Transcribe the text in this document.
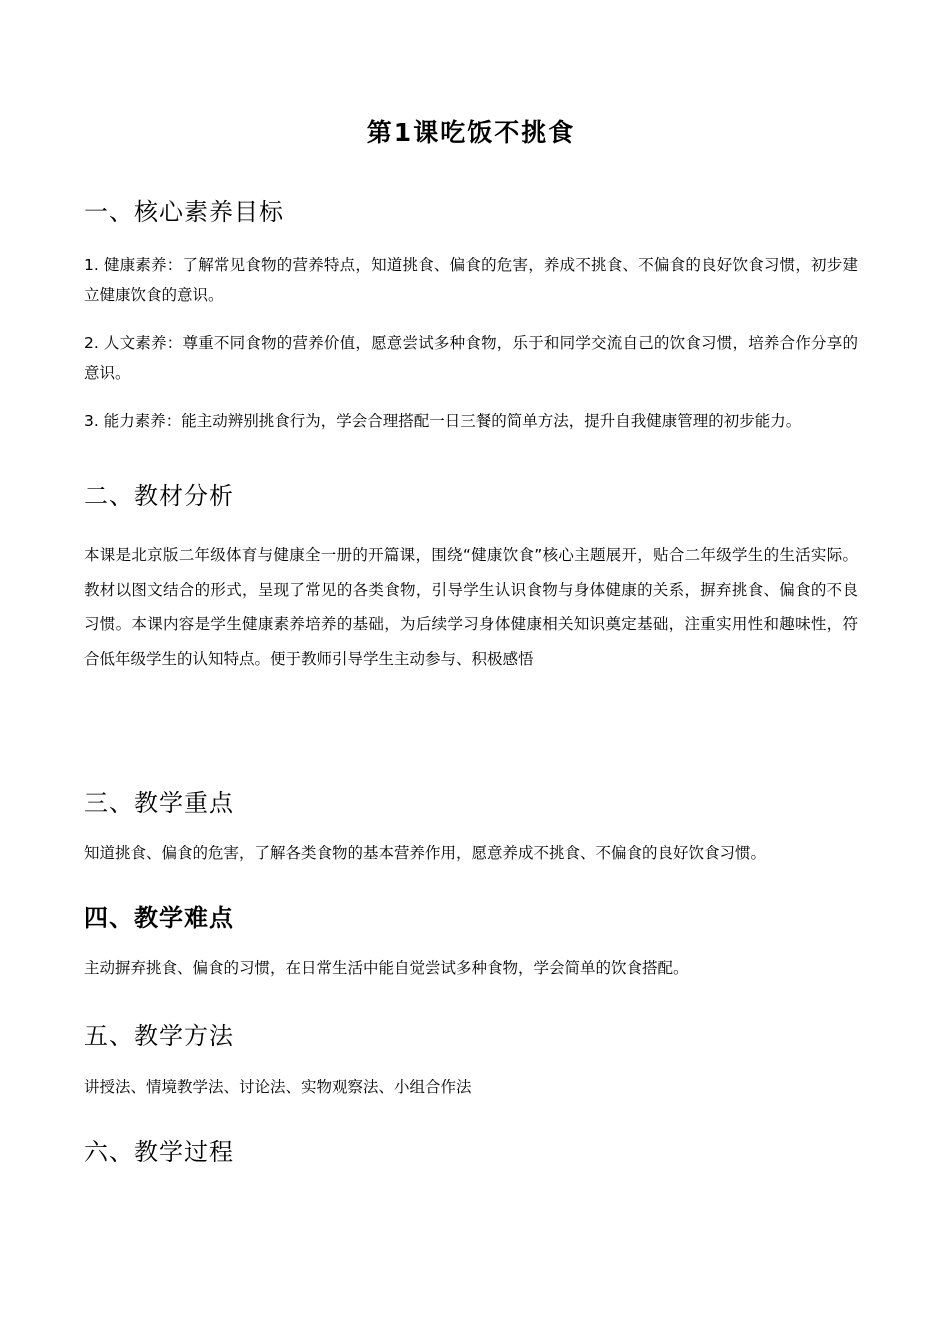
第1课吃饭不挑食
一、核心素养目标

1. 健康素养：了解常见食物的营养特点，知道挑食、偏食的危害，养成不挑食、不偏食的良好饮食习惯，初步建立健康饮食的意识。

2. 人文素养：尊重不同食物的营养价值，愿意尝试多种食物，乐于和同学交流自己的饮食习惯，培养合作分享的意识。

3. 能力素养：能主动辨别挑食行为，学会合理搭配一日三餐的简单方法，提升自我健康管理的初步能力。

二、教材分析

本课是北京版二年级体育与健康全一册的开篇课，围绕“健康饮食”核心主题展开，贴合二年级学生的生活实际。教材以图文结合的形式，呈现了常见的各类食物，引导学生认识食物与身体健康的关系，摒弃挑食、偏食的不良习惯。本课内容是学生健康素养培养的基础，为后续学习身体健康相关知识奠定基础，注重实用性和趣味性，符合低年级学生的认知特点。便于教师引导学生主动参与、积极感悟

三、教学重点

知道挑食、偏食的危害，了解各类食物的基本营养作用，愿意养成不挑食、不偏食的良好饮食习惯。

四、教学难点

主动摒弃挑食、偏食的习惯，在日常生活中能自觉尝试多种食物，学会简单的饮食搭配。

五、教学方法

讲授法、情境教学法、讨论法、实物观察法、小组合作法

六、教学过程
